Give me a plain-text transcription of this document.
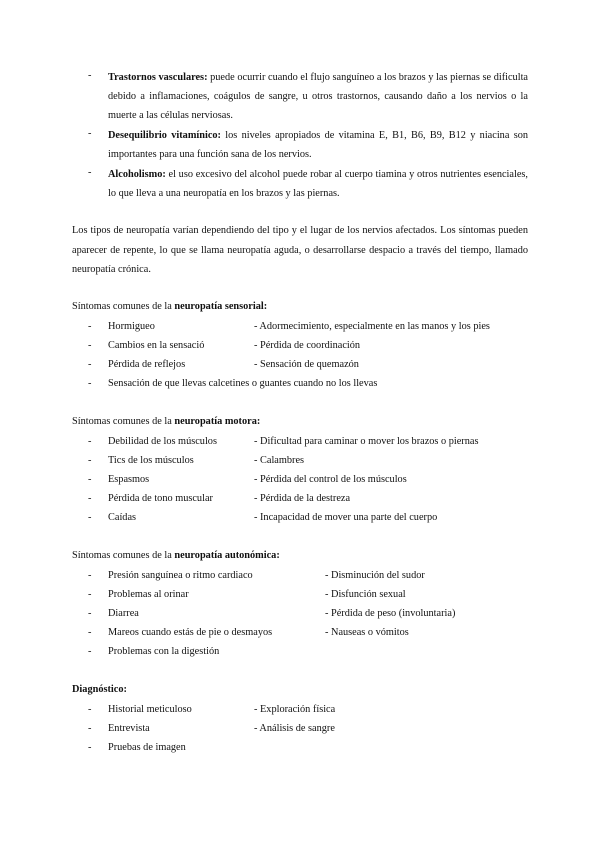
- Trastornos vasculares: puede ocurrir cuando el flujo sanguíneo a los brazos y las piernas se dificulta debido a inflamaciones, coágulos de sangre, u otros trastornos, causando daño a los nervios o la muerte a las células nerviosas.
- Desequilibrio vitamínico: los niveles apropiados de vitamina E, B1, B6, B9, B12 y niacina son importantes para una función sana de los nervios.
- Alcoholismo: el uso excesivo del alcohol puede robar al cuerpo tiamina y otros nutrientes esenciales, lo que lleva a una neuropatía en los brazos y las piernas.
Los tipos de neuropatía varían dependiendo del tipo y el lugar de los nervios afectados. Los síntomas pueden aparecer de repente, lo que se llama neuropatía aguda, o desarrollarse despacio a través del tiempo, llamado neuropatía crónica.
Síntomas comunes de la neuropatía sensorial:
- Hormigueo	- Adormecimiento, especialmente en las manos y los pies
- Cambios en la sensació	- Pérdida de coordinación
- Pérdida de reflejos	- Sensación de quemazón
- Sensación de que llevas calcetines o guantes cuando no los llevas
Síntomas comunes de la neuropatía motora:
- Debilidad de los músculos	- Dificultad para caminar o mover los brazos o piernas
- Tics de los músculos	- Calambres
- Espasmos	- Pérdida del control de los músculos
- Pérdida de tono muscular	- Pérdida de la destreza
- Caídas	- Incapacidad de mover una parte del cuerpo
Síntomas comunes de la neuropatía autonómica:
- Presión sanguínea o ritmo cardiaco	- Disminución del sudor
- Problemas al orinar	- Disfunción sexual
- Diarrea	- Pérdida de peso (involuntaria)
- Mareos cuando estás de pie o desmayos	- Nauseas o vómitos
- Problemas con la digestión
Diagnóstico:
- Historial meticuloso	- Exploración física
- Entrevista	- Análisis de sangre
- Pruebas de imagen
